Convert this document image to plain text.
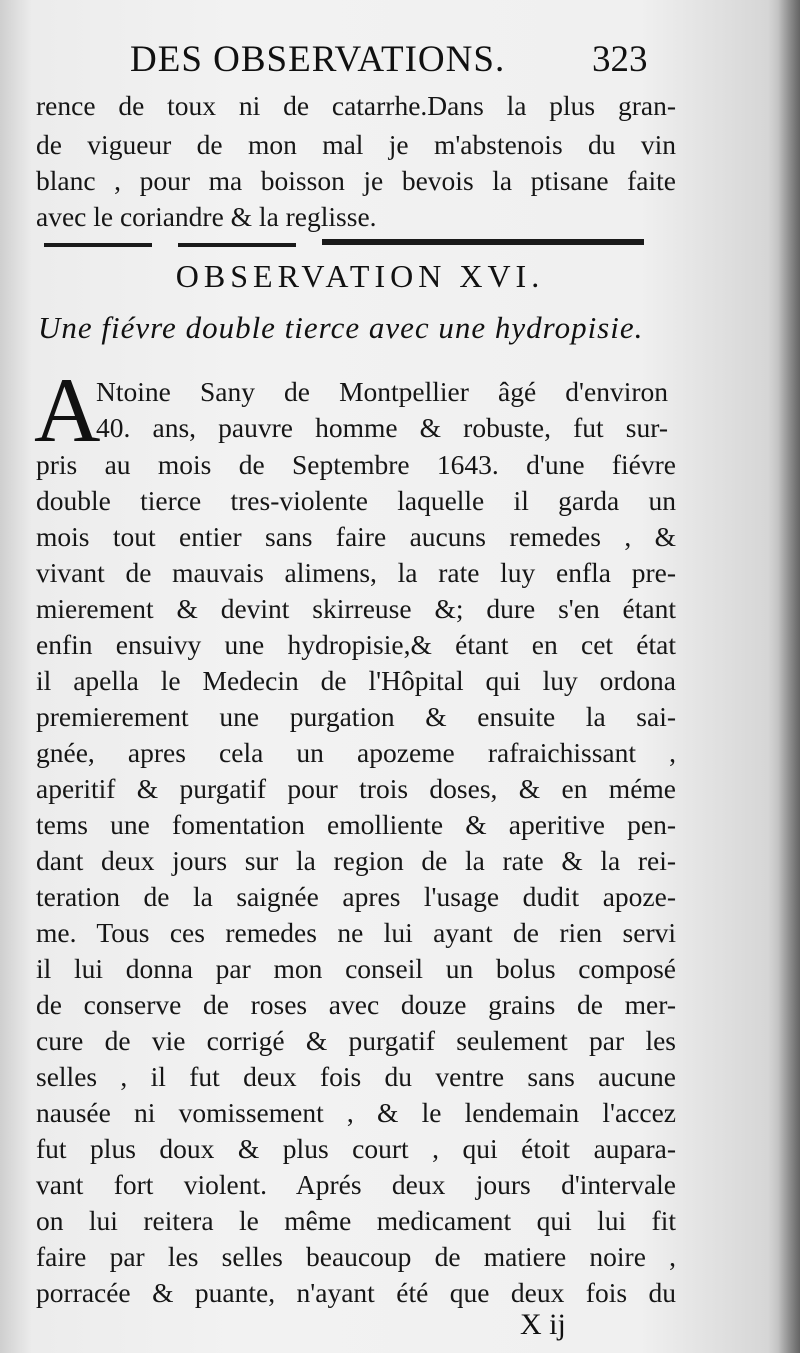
DES OBSERVATIONS. 323
rence de toux ni de catarrhe.Dans la plus gran-
de vigueur de mon mal je m'abstenois du vin
blanc , pour ma boisson je bevois la ptisane faite
avec le coriandre & la reglisse.
OBSERVATION XVI.
Une fiévre double tierce avec une hydropisie.
A
Ntoine Sany de Montpellier âgé d'environ
40. ans, pauvre homme & robuste, fut sur-
pris au mois de Septembre 1643. d'une fiévre
double tierce tres-violente laquelle il garda un
mois tout entier sans faire aucuns remedes , &
vivant de mauvais alimens, la rate luy enfla pre-
mierement & devint skirreuse &; dure s'en étant
enfin ensuivy une hydropisie,& étant en cet état
il apella le Medecin de l'Hôpital qui luy ordona
premierement une purgation & ensuite la sai-
gnée, apres cela un apozeme rafraichissant ,
aperitif & purgatif pour trois doses, & en méme
tems une fomentation emolliente & aperitive pen-
dant deux jours sur la region de la rate & la rei-
teration de la saignée apres l'usage dudit apoze-
me. Tous ces remedes ne lui ayant de rien servi
il lui donna par mon conseil un bolus composé
de conserve de roses avec douze grains de mer-
cure de vie corrigé & purgatif seulement par les
selles , il fut deux fois du ventre sans aucune
nausée ni vomissement , & le lendemain l'accez
fut plus doux & plus court , qui étoit aupara-
vant fort violent. Aprés deux jours d'intervale
on lui reitera le même medicament qui lui fit
faire par les selles beaucoup de matiere noire ,
porracée & puante, n'ayant été que deux fois du
X ij
